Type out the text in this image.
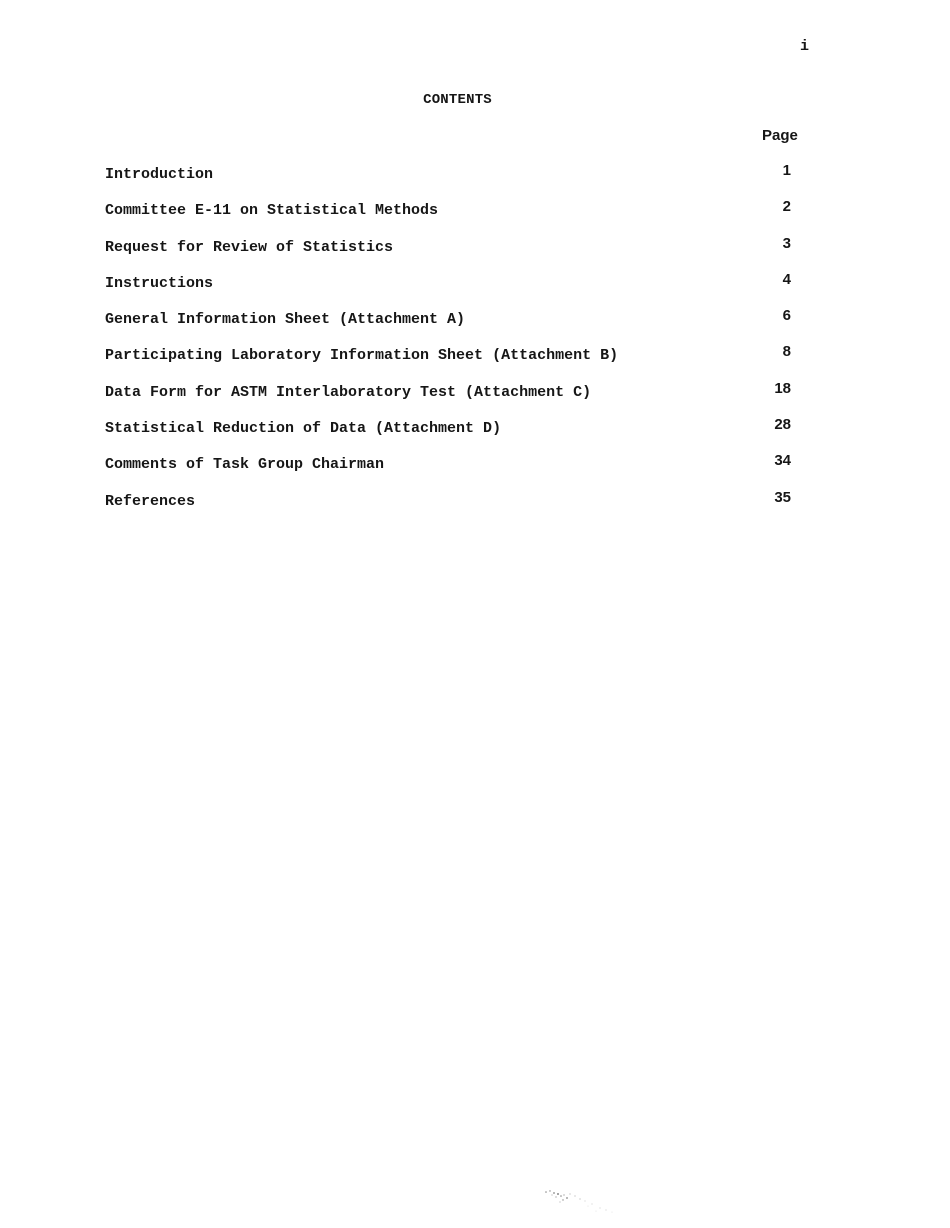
i
CONTENTS
Page
Introduction	1
Committee E-11 on Statistical Methods	2
Request for Review of Statistics	3
Instructions	4
General Information Sheet (Attachment A)	6
Participating Laboratory Information Sheet (Attachment B)	8
Data Form for ASTM Interlaboratory Test (Attachment C)	18
Statistical Reduction of Data (Attachment D)	28
Comments of Task Group Chairman	34
References	35
